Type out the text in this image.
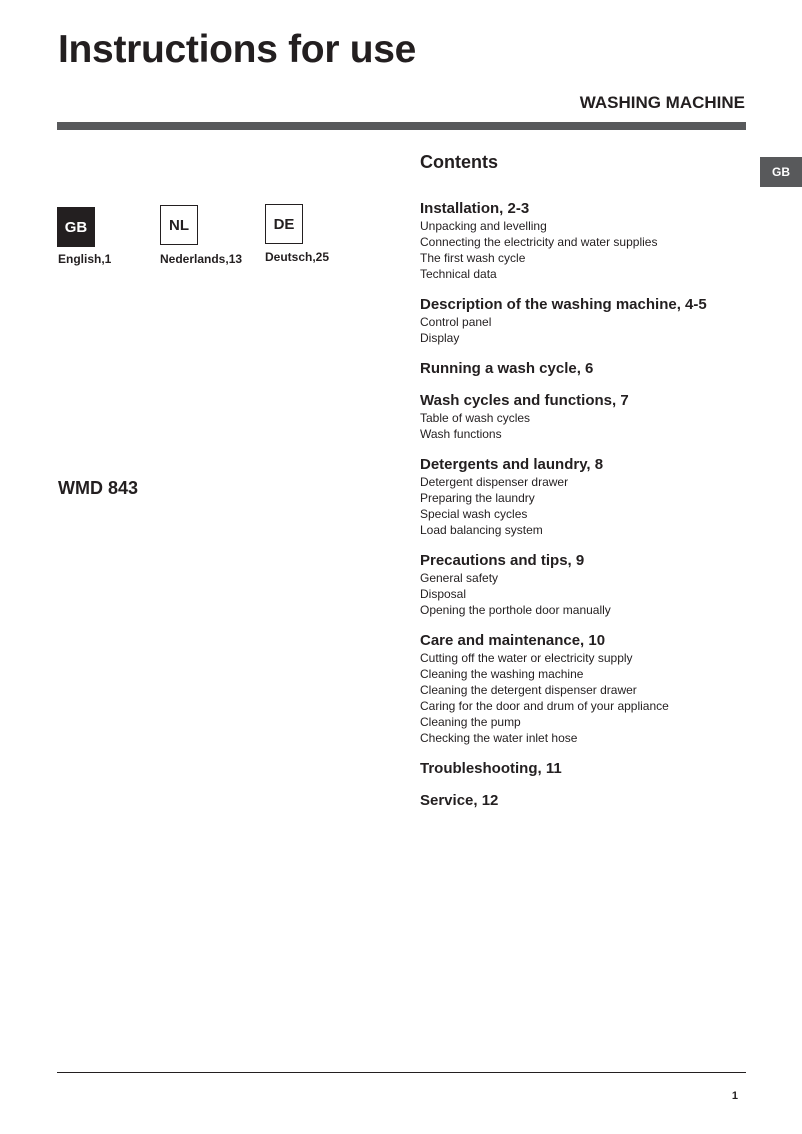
Instructions for use
WASHING MACHINE
GB
GB
English,1
NL
Nederlands,13
DE
Deutsch,25
WMD 843
Contents
Installation, 2-3
Unpacking and levelling
Connecting the electricity and water supplies
The first wash cycle
Technical data
Description of the washing machine, 4-5
Control panel
Display
Running a wash cycle, 6
Wash cycles and functions, 7
Table of wash cycles
Wash functions
Detergents and laundry, 8
Detergent dispenser drawer
Preparing the laundry
Special wash cycles
Load balancing system
Precautions and tips, 9
General safety
Disposal
Opening the porthole door manually
Care and maintenance, 10
Cutting off the water or electricity supply
Cleaning the washing machine
Cleaning the detergent dispenser drawer
Caring for the door and drum of your appliance
Cleaning the pump
Checking the water inlet hose
Troubleshooting, 11
Service, 12
1
